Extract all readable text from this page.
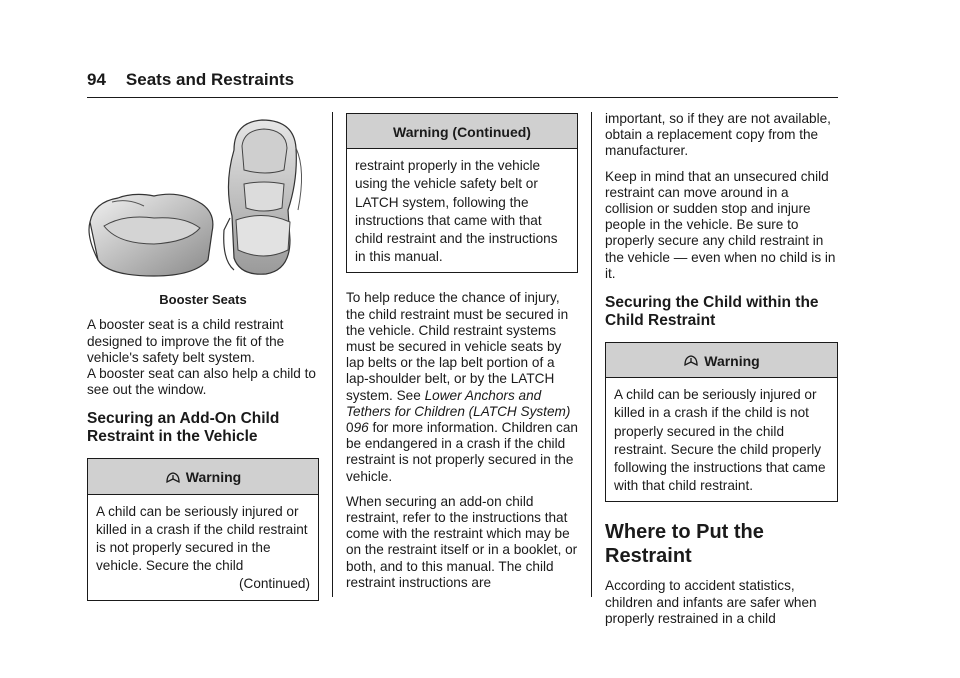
94 Seats and Restraints

Booster Seats

A booster seat is a child restraint designed to improve the fit of the vehicle's safety belt system.

A booster seat can also help a child to see out the window.

Securing an Add-On Child Restraint in the Vehicle
Warning
A child can be seriously injured or killed in a crash if the child restraint is not properly secured in the vehicle. Secure the child
(Continued)
Warning (Continued)
restraint properly in the vehicle using the vehicle safety belt or LATCH system, following the instructions that came with that child restraint and the instructions in this manual.

To help reduce the chance of injury, the child restraint must be secured in the vehicle. Child restraint systems must be secured in vehicle seats by lap belts or the lap belt portion of a lap-shoulder belt, or by the LATCH system. See Lower Anchors and Tethers for Children (LATCH System) 096 for more information. Children can be endangered in a crash if the child restraint is not properly secured in the vehicle.

When securing an add-on child restraint, refer to the instructions that come with the restraint which may be on the restraint itself or in a booklet, or both, and to this manual. The child restraint instructions are

important, so if they are not available, obtain a replacement copy from the manufacturer.

Keep in mind that an unsecured child restraint can move around in a collision or sudden stop and injure people in the vehicle. Be sure to properly secure any child restraint in the vehicle — even when no child is in it.

Securing the Child within the Child Restraint
Warning
A child can be seriously injured or killed in a crash if the child is not properly secured in the child restraint. Secure the child properly following the instructions that came with that child restraint.
Where to Put the Restraint

According to accident statistics, children and infants are safer when properly restrained in a child
